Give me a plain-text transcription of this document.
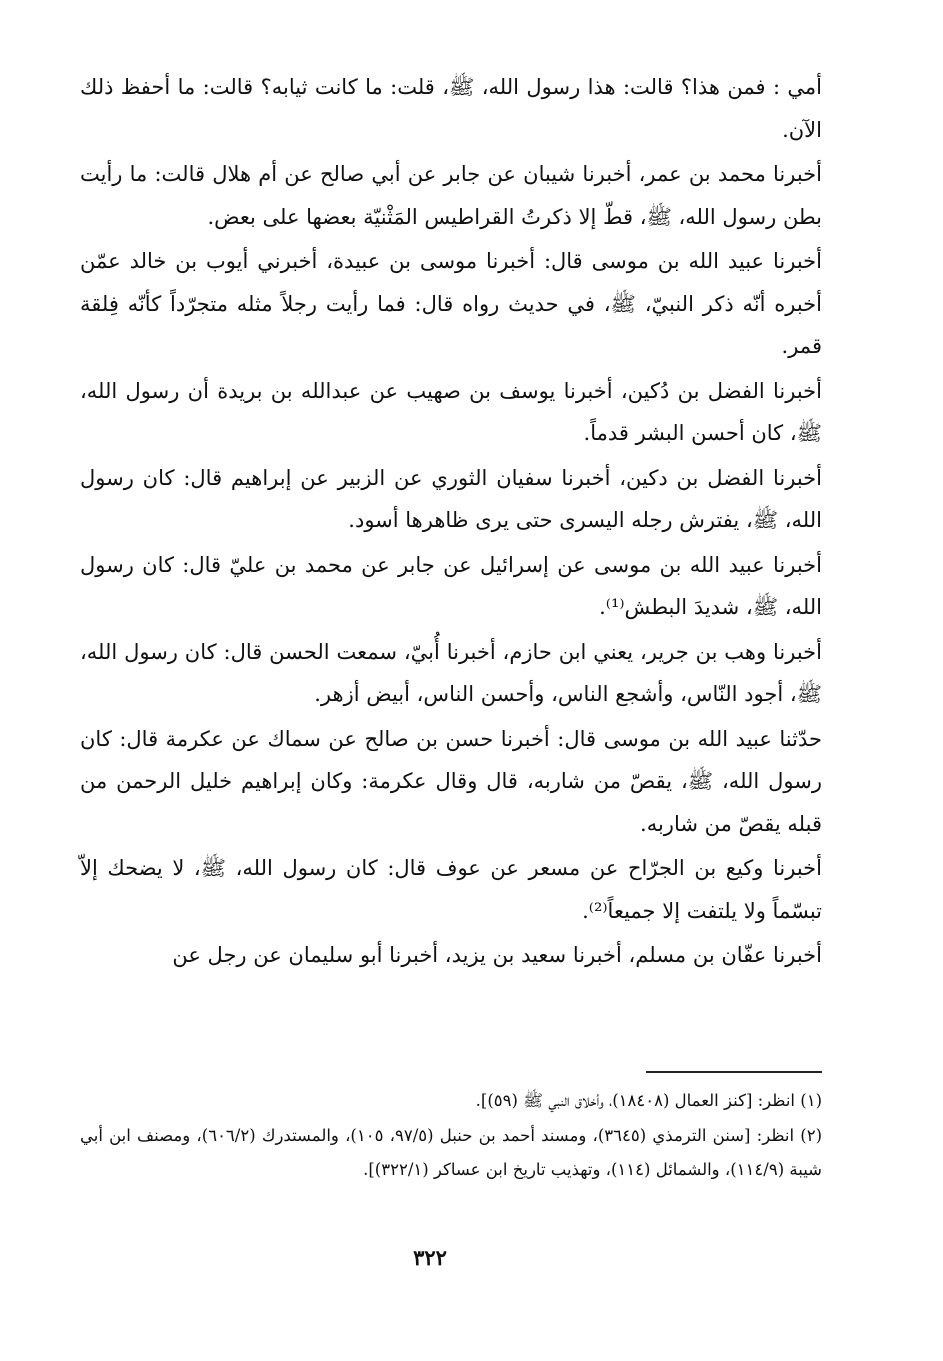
أمي : فمن هذا؟ قالت: هذا رسول الله، ﷺ، قلت: ما كانت ثيابه؟ قالت: ما أحفظ ذلك الآن.

أخبرنا محمد بن عمر، أخبرنا شيبان عن جابر عن أبي صالح عن أم هلال قالت: ما رأيت بطن رسول الله، ﷺ، قطّ إلا ذكرتُ القراطيس المَثْنيّة بعضها على بعض.

أخبرنا عبيد الله بن موسى قال: أخبرنا موسى بن عبيدة، أخبرني أيوب بن خالد عمّن أخبره أنّه ذكر النبيّ، ﷺ، في حديث رواه قال: فما رأيت رجلاً مثله متجرّداً كأنّه فِلقة قمر.

أخبرنا الفضل بن دُكين، أخبرنا يوسف بن صهيب عن عبدالله بن بريدة أن رسول الله، ﷺ، كان أحسن البشر قدماً.

أخبرنا الفضل بن دكين، أخبرنا سفيان الثوري عن الزبير عن إبراهيم قال: كان رسول الله، ﷺ، يفترش رجله اليسرى حتى يرى ظاهرها أسود.

أخبرنا عبيد الله بن موسى عن إسرائيل عن جابر عن محمد بن عليّ قال: كان رسول الله، ﷺ، شديدَ البطش⁽¹⁾.

أخبرنا وهب بن جرير، يعني ابن حازم، أخبرنا أُبيّ، سمعت الحسن قال: كان رسول الله، ﷺ، أجود النّاس، وأشجع الناس، وأحسن الناس، أبيض أزهر.

حدّثنا عبيد الله بن موسى قال: أخبرنا حسن بن صالح عن سماك عن عكرمة قال: كان رسول الله، ﷺ، يقصّ من شاربه، قال وقال عكرمة: وكان إبراهيم خليل الرحمن من قبله يقصّ من شاربه.

أخبرنا وكيع بن الجرّاح عن مسعر عن عوف قال: كان رسول الله، ﷺ، لا يضحك إلاّ تبسّماً ولا يلتفت إلا جميعاً⁽²⁾.

أخبرنا عفّان بن مسلم، أخبرنا سعيد بن يزيد، أخبرنا أبو سليمان عن رجل عن

(١) انظر: [كنز العمال (١٨٤٠٨)، وأخلاق النبي ﷺ (٥٩)].

(٢) انظر: [سنن الترمذي (٣٦٤٥)، ومسند أحمد بن حنبل (٩٧/٥، ١٠٥)، والمستدرك (٦٠٦/٢)، ومصنف ابن أبي شيبة (١١٤/٩)، والشمائل (١١٤)، وتهذيب تاريخ ابن عساكر (٣٢٢/١)].

٣٢٢
